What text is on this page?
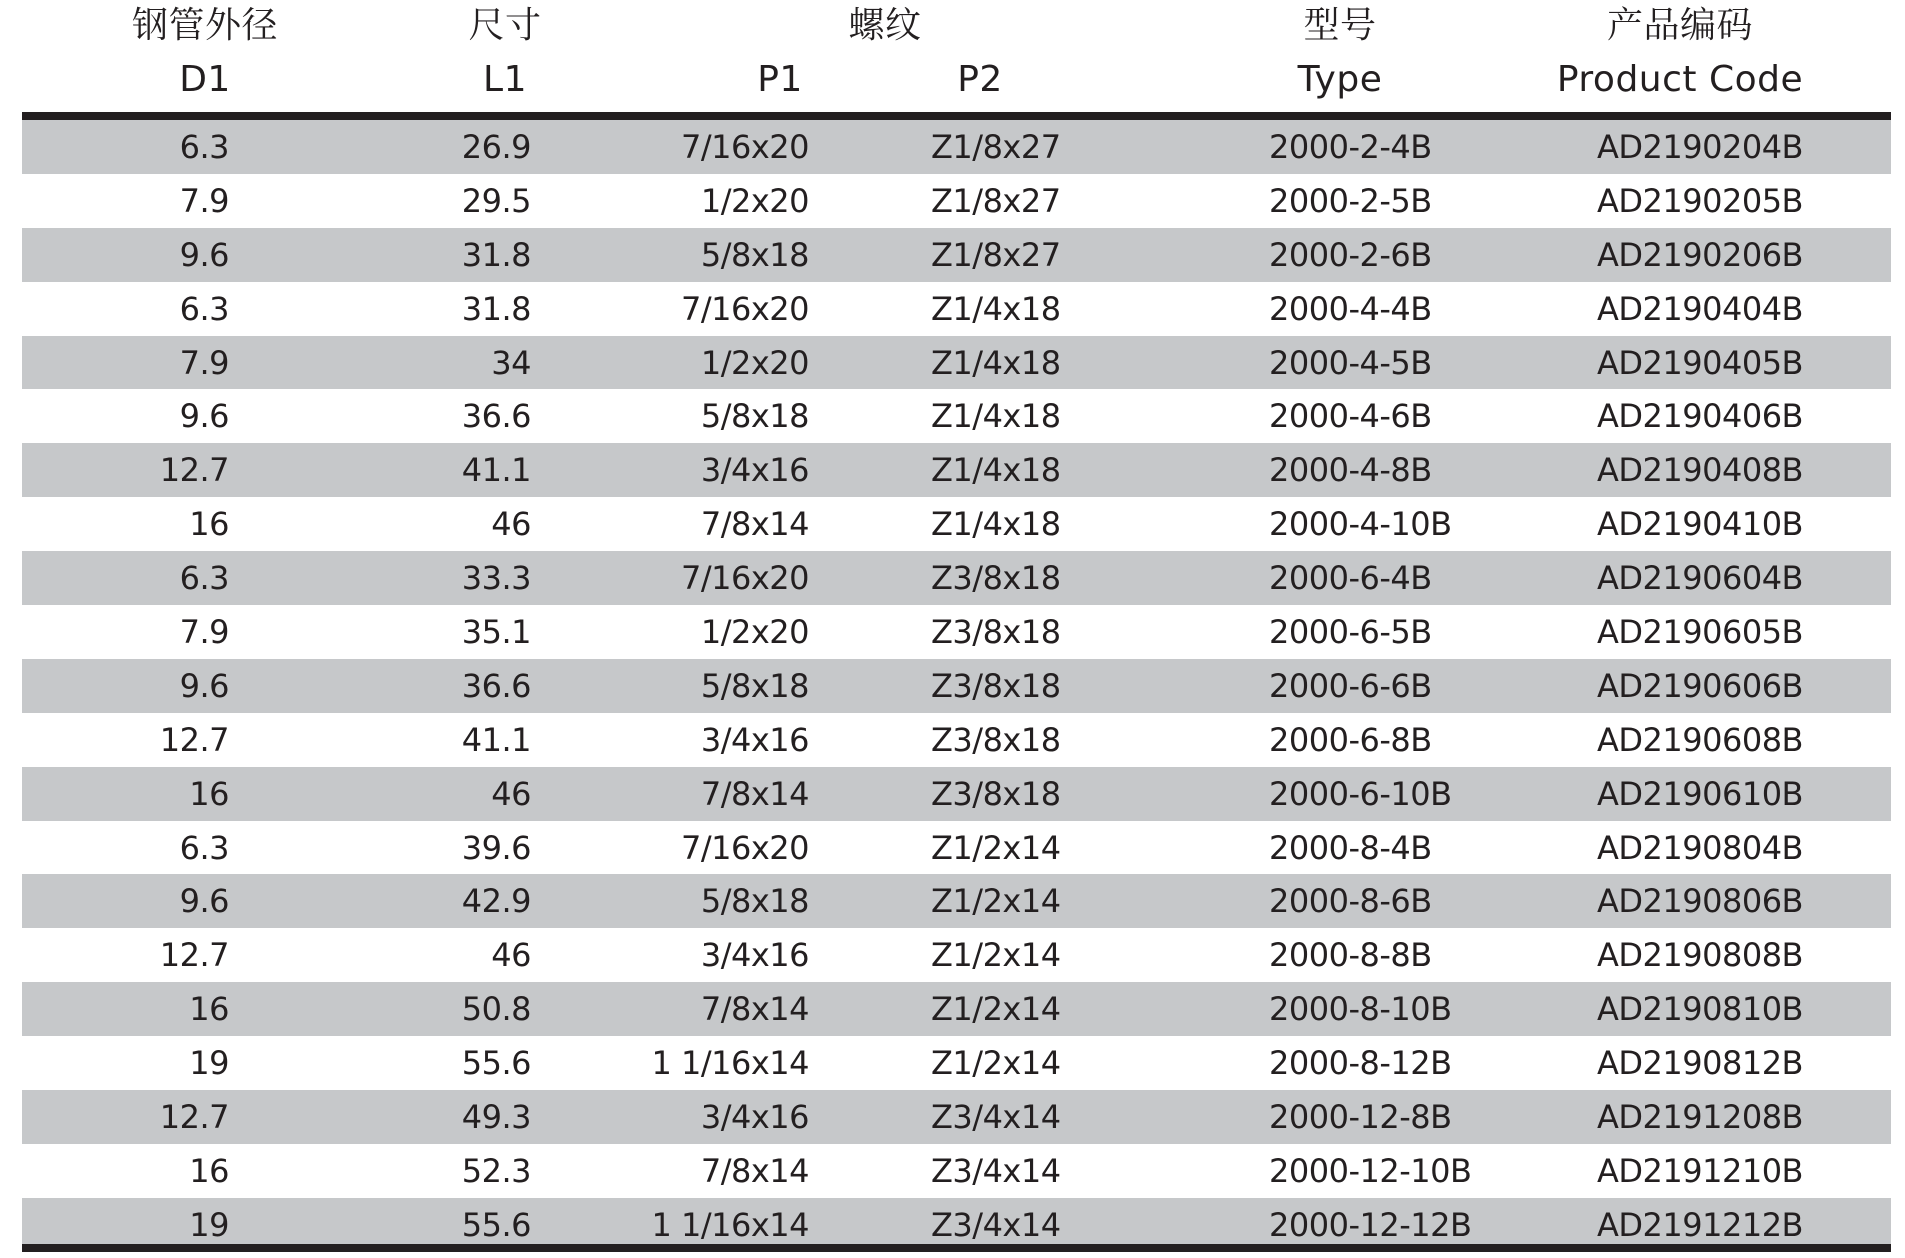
钢管外径	尺寸	螺纹	型号	产品编码
D1	L1	P1	P2	Type	Product Code
6.3	26.9	7/16x20	Z1/8x27	2000-2-4B	AD2190204B
7.9	29.5	1/2x20	Z1/8x27	2000-2-5B	AD2190205B
9.6	31.8	5/8x18	Z1/8x27	2000-2-6B	AD2190206B
6.3	31.8	7/16x20	Z1/4x18	2000-4-4B	AD2190404B
7.9	34	1/2x20	Z1/4x18	2000-4-5B	AD2190405B
9.6	36.6	5/8x18	Z1/4x18	2000-4-6B	AD2190406B
12.7	41.1	3/4x16	Z1/4x18	2000-4-8B	AD2190408B
16	46	7/8x14	Z1/4x18	2000-4-10B	AD2190410B
6.3	33.3	7/16x20	Z3/8x18	2000-6-4B	AD2190604B
7.9	35.1	1/2x20	Z3/8x18	2000-6-5B	AD2190605B
9.6	36.6	5/8x18	Z3/8x18	2000-6-6B	AD2190606B
12.7	41.1	3/4x16	Z3/8x18	2000-6-8B	AD2190608B
16	46	7/8x14	Z3/8x18	2000-6-10B	AD2190610B
6.3	39.6	7/16x20	Z1/2x14	2000-8-4B	AD2190804B
9.6	42.9	5/8x18	Z1/2x14	2000-8-6B	AD2190806B
12.7	46	3/4x16	Z1/2x14	2000-8-8B	AD2190808B
16	50.8	7/8x14	Z1/2x14	2000-8-10B	AD2190810B
19	55.6	1 1/16x14	Z1/2x14	2000-8-12B	AD2190812B
12.7	49.3	3/4x16	Z3/4x14	2000-12-8B	AD2191208B
16	52.3	7/8x14	Z3/4x14	2000-12-10B	AD2191210B
19	55.6	1 1/16x14	Z3/4x14	2000-12-12B	AD2191212B
